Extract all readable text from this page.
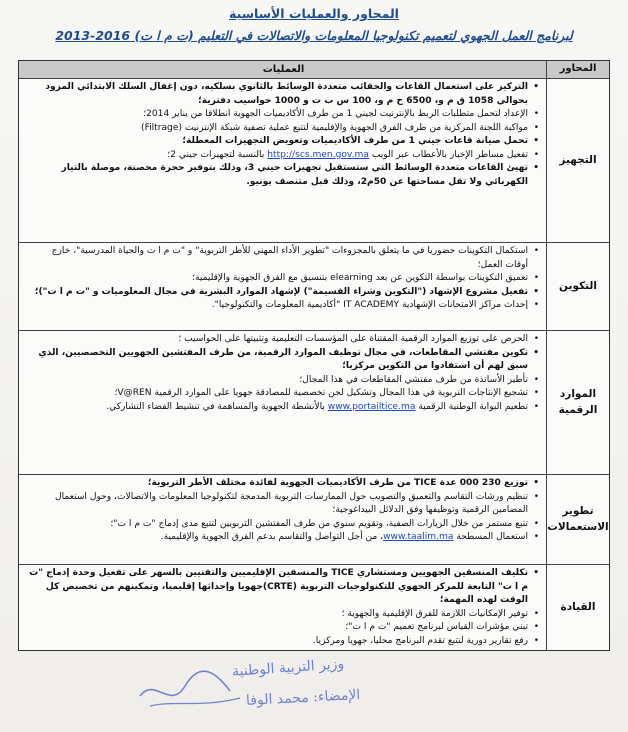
المحاور والعمليات الأساسية
لبرنامج العمل الجهوي لتعميم تكنولوجيا المعلومات والاتصالات في التعليم (ت م ا ت) 2016-2013
المحاور
العمليات
التجهيز
• التركيز على استعمال القاعات والحقائب متعددة الوسائط بالثانوي بسلكيه، دون إغفال السلك الابتدائي المزود بحوالي 1058 ق م و، 6500 ح م و، 100 س ب ت و 1000 حواسيب دفترية؛
• الإعداد لتحمل متطلبات الربط بالإنترنيت لجيني 1 من طرف الأكاديميات الجهوية انطلاقا من يناير 2014؛
• مواكبة اللجنة المركزية من طرف الفرق الجهوية والإقليمية لتتبع عملية تصفية شبكة الإنترنيت (Filtrage)
• تحمل صيانة قاعات جيني 1 من طرف الأكاديميات وتعويض التجهيزات المعطلة؛
• تفعيل مساطر الإخبار بالأعطاب عبر الويب http://scs.men.gov.ma بالنسبة لتجهيزات جيني 2؛
• تهيئ القاعات متعددة الوسائط التي ستستقبل تجهيزات جيني 3، وذلك بتوفير حجرة محصنة، موصلة بالتيار الكهربائي ولا تقل مساحتها عن 50م2، وذلك قبل متنصف يونيو.
التكوين
• استكمال التكوينات حضوريا في ما يتعلق بالمجزوءات "تطوير الأداء المهني للأطر التربوية" و "ت م ا ت والحياة المدرسية"، خارج أوقات العمل؛
• تعميق التكوينات بواسطة التكوين عن بعد elearning بتنسيق مع الفرق الجهوية والإقليمية؛
• تفعيل مشروع الإشهاد ("التكوين وشراء القسيمة") لإشهاد الموارد البشرية في مجال المعلوميات و "ت م ا ت")؛
• إحداث مراكز الامتحانات الإشهادية IT ACADEMY "أكاديمية المعلومات والتكنولوجيا".
الموارد الرقمية
• الحرص على توزيع الموارد الرقمية المقتناة على المؤسسات التعليمية وتثبيتها على الحواسيب ؛
• تكوين مفتشي المقاطعات، في مجال توظيف الموارد الرقمية، من طرف المفتشين الجهويين التخصصيين، الذي سبق لهم أن استفادوا من التكوين مركزيا؛
• تأطير الأساتذة من طرف مفتشي المقاطعات في هذا المجال؛
• تشجيع الإنتاجات التربوية في هذا المجال وتشكيل لجن تخصصية للمصادقة جهويا على الموارد الرقمية V@REN؛
• تطعيم البوابة الوطنية الرقمية www.portailtice.ma بالأنشطة الجهوية والمساهمة في تنشيط الفضاء التشاركي.
تطوير الاستعمالات
• توزيع 230 000 عدة TICE من طرف الأكاديميات الجهوية لفائدة مختلف الأطر التربوية؛
• تنظيم ورشات التقاسم والتعميق والتصويب حول الممارسات التربوية المدمجة لتكنولوجيا المعلومات والاتصالات، وحول استعمال المضامين الرقمية وتوظيفها وفق الدلائل البيداغوجية؛
• تتبع مستمر من خلال الزيارات الصفية، وتقويم سنوي من طرف المفتشين التربويين لتتبع مدى إدماج "ت م ا ت"؛
• استعمال المسطحة www.taalim.ma، من أجل التواصل والتقاسم بدعم الفرق الجهوية والإقليمية.
القيادة
• تكليف المنسقين الجهويين ومستشاري TICE والمنسقين الإقليميين والتقنيين بالسهر على تفعيل وحدة إدماج "ت م ا ت" التابعة للمركز الجهوي للتكنولوجيات التربوية (CRTE)جهويا وإحداثها إقليميا، وتمكينهم من تخصيص كل الوقت لهذه المهمة؛
• توفير الإمكانيات اللازمة للفرق الإقليمية والجهوية ؛
• تبني مؤشرات القياس لبرنامج تعميم "ت م ا ت"؛
• رفع تقارير دورية لتتبع تقدم البرنامج محليا، جهويا ومركزيا.
وزير التربية الوطنية
الإمضاء: محمد الوفا
